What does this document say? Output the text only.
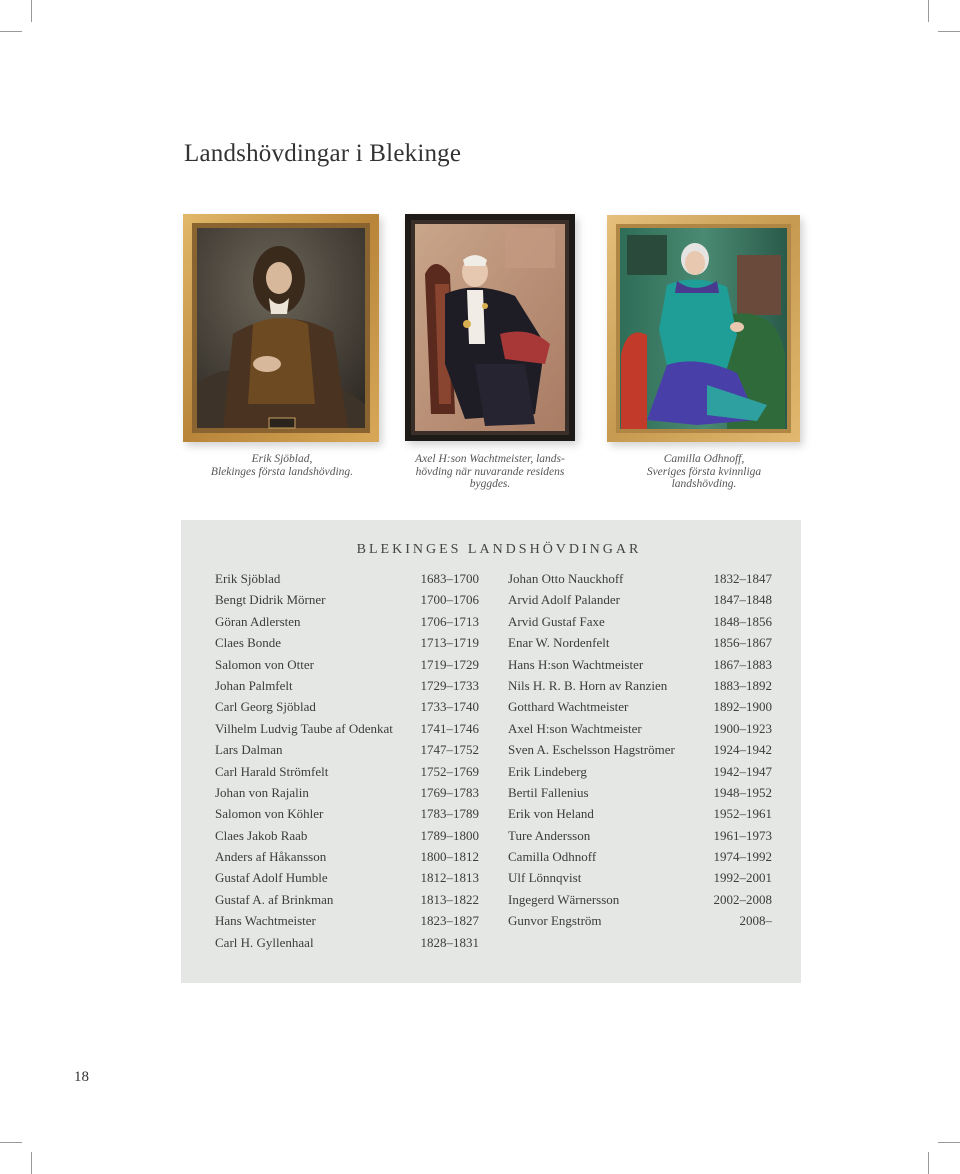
Landshövdingar i Blekinge
Erik Sjöblad,
Blekinges första landshövding.
Axel H:son Wachtmeister, lands-
hövding när nuvarande residens
byggdes.
Camilla Odhnoff,
Sveriges första kvinnliga
landshövding.
BLEKINGES LANDSHÖVDINGAR
Erik Sjöblad	1683–1700
Bengt Didrik Mörner	1700–1706
Göran Adlersten	1706–1713
Claes Bonde	1713–1719
Salomon von Otter	1719–1729
Johan Palmfelt	1729–1733
Carl Georg Sjöblad	1733–1740
Vilhelm Ludvig Taube af Odenkat 1741–1746
Lars Dalman	1747–1752
Carl Harald Strömfelt	1752–1769
Johan von Rajalin	1769–1783
Salomon von Köhler	1783–1789
Claes Jakob Raab	1789–1800
Anders af Håkansson	1800–1812
Gustaf Adolf Humble	1812–1813
Gustaf A. af Brinkman	1813–1822
Hans Wachtmeister	1823–1827
Carl H. Gyllenhaal	1828–1831
Johan Otto Nauckhoff	1832–1847
Arvid Adolf Palander	1847–1848
Arvid Gustaf Faxe	1848–1856
Enar W. Nordenfelt	1856–1867
Hans H:son Wachtmeister	1867–1883
Nils H. R. B. Horn av Ranzien	1883–1892
Gotthard Wachtmeister	1892–1900
Axel H:son Wachtmeister	1900–1923
Sven A. Eschelsson Hagströmer	1924–1942
Erik Lindeberg	1942–1947
Bertil Fallenius	1948–1952
Erik von Heland	1952–1961
Ture Andersson	1961–1973
Camilla Odhnoff	1974–1992
Ulf Lönnqvist	1992–2001
Ingegerd Wärnersson	2002–2008
Gunvor Engström	2008–
18
